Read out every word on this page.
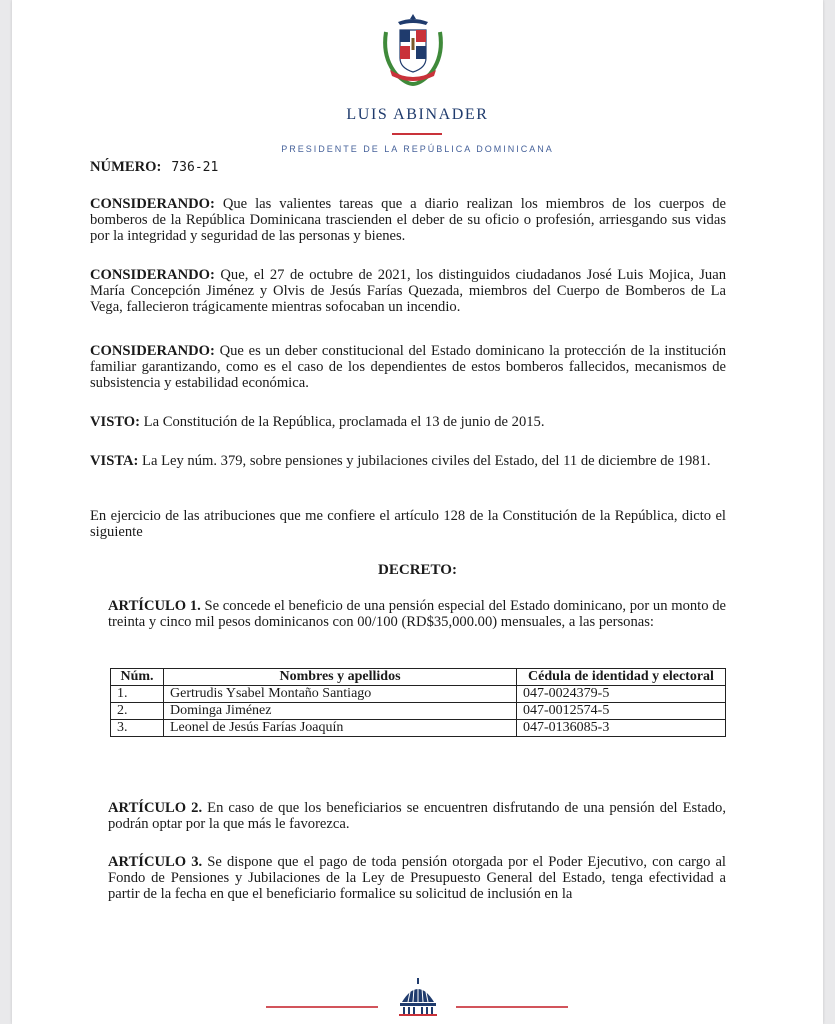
LUIS ABINADER
PRESIDENTE DE LA REPÚBLICA DOMINICANA
NÚMERO: 736-21
CONSIDERANDO: Que las valientes tareas que a diario realizan los miembros de los cuerpos de bomberos de la República Dominicana trascienden el deber de su oficio o profesión, arriesgando sus vidas por la integridad y seguridad de las personas y bienes.
CONSIDERANDO: Que, el 27 de octubre de 2021, los distinguidos ciudadanos José Luis Mojica, Juan María Concepción Jiménez y Olvis de Jesús Farías Quezada, miembros del Cuerpo de Bomberos de La Vega, fallecieron trágicamente mientras sofocaban un incendio.
CONSIDERANDO: Que es un deber constitucional del Estado dominicano la protección de la institución familiar garantizando, como es el caso de los dependientes de estos bomberos fallecidos, mecanismos de subsistencia y estabilidad económica.
VISTO: La Constitución de la República, proclamada el 13 de junio de 2015.
VISTA: La Ley núm. 379, sobre pensiones y jubilaciones civiles del Estado, del 11 de diciembre de 1981.
En ejercicio de las atribuciones que me confiere el artículo 128 de la Constitución de la República, dicto el siguiente
DECRETO:
ARTÍCULO 1. Se concede el beneficio de una pensión especial del Estado dominicano, por un monto de treinta y cinco mil pesos dominicanos con 00/100 (RD$35,000.00) mensuales, a las personas:
Núm.	Nombres y apellidos	Cédula de identidad y electoral
1.	Gertrudis Ysabel Montaño Santiago	047-0024379-5
2.	Dominga Jiménez	047-0012574-5
3.	Leonel de Jesús Farías Joaquín	047-0136085-3
ARTÍCULO 2. En caso de que los beneficiarios se encuentren disfrutando de una pensión del Estado, podrán optar por la que más le favorezca.
ARTÍCULO 3. Se dispone que el pago de toda pensión otorgada por el Poder Ejecutivo, con cargo al Fondo de Pensiones y Jubilaciones de la Ley de Presupuesto General del Estado, tenga efectividad a partir de la fecha en que el beneficiario formalice su solicitud de inclusión en la
